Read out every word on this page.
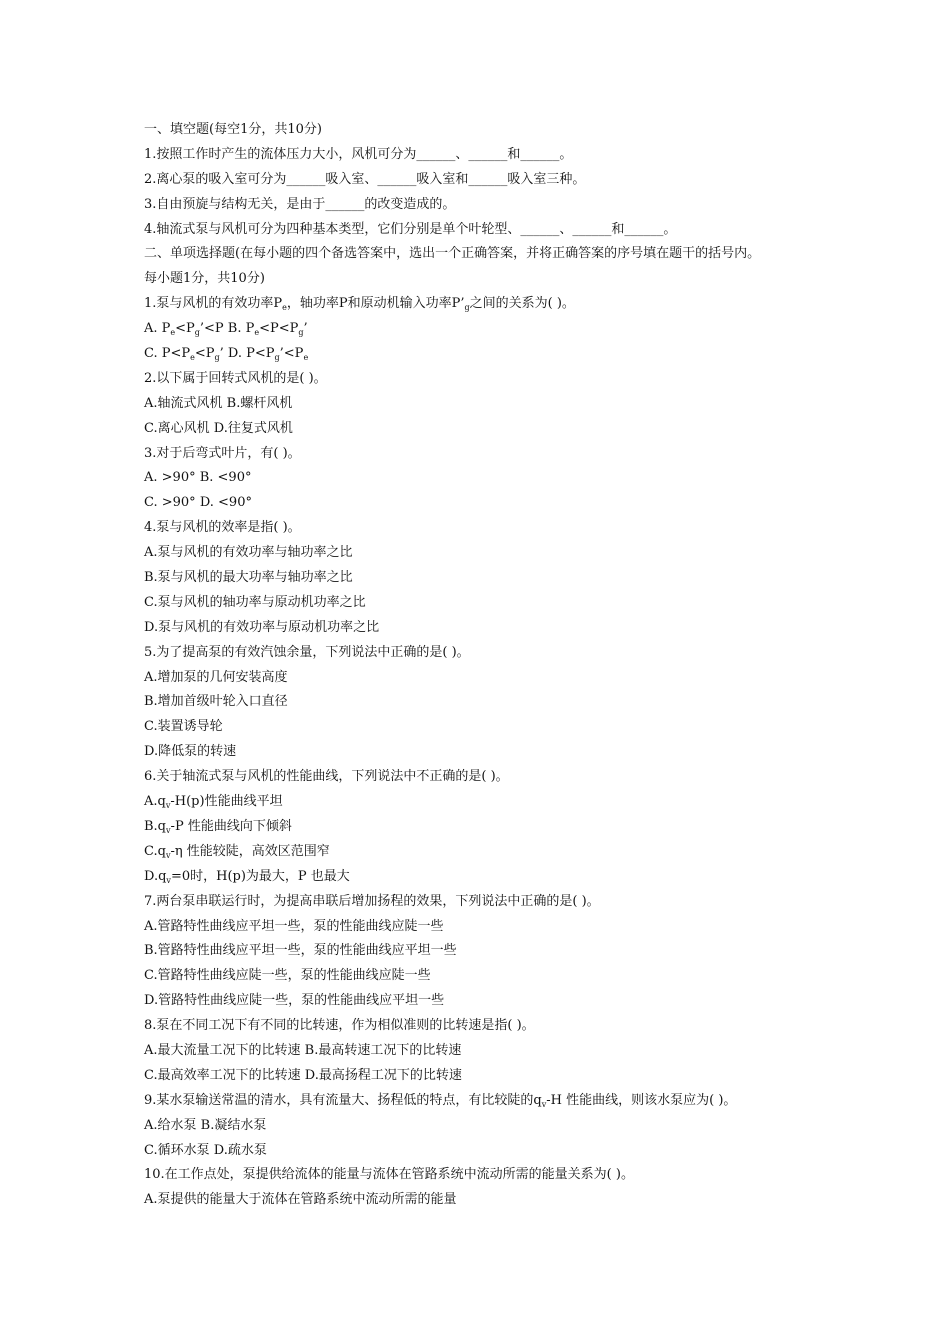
一、填空题(每空1分，共10分)
1.按照工作时产生的流体压力大小，风机可分为______、______和______。
2.离心泵的吸入室可分为______吸入室、______吸入室和______吸入室三种。
3.自由预旋与结构无关，是由于______的改变造成的。
4.轴流式泵与风机可分为四种基本类型，它们分别是单个叶轮型、______、______和______。
二、单项选择题(在每小题的四个备选答案中，选出一个正确答案，并将正确答案的序号填在题干的括号内。
每小题1分，共10分)
1.泵与风机的有效功率$P_e$，轴功率P和原动机输入功率$P’_g$之间的关系为( )。
A. $P_e<P_g’<P$ B. $P_e<P<P_g$’
C. $P<P_e<P_g$’ D. $P<P_g’<P_e$
2.以下属于回转式风机的是( )。
A.轴流式风机 B.螺杆风机
C.离心风机 D.往复式风机
3.对于后弯式叶片，有( )。
A. >90° B. <90°
C. >90° D. <90°
4.泵与风机的效率是指( )。
A.泵与风机的有效功率与轴功率之比
B.泵与风机的最大功率与轴功率之比
C.泵与风机的轴功率与原动机功率之比
D.泵与风机的有效功率与原动机功率之比
5.为了提高泵的有效汽蚀余量，下列说法中正确的是( )。
A.增加泵的几何安装高度
B.增加首级叶轮入口直径
C.装置诱导轮
D.降低泵的转速
6.关于轴流式泵与风机的性能曲线，下列说法中不正确的是( )。
$A.q_v-H(p)$性能曲线平坦
$B.q_v-P$ 性能曲线向下倾斜
$C.q_v-\eta$ 性能较陡，高效区范围窄
$D.q_v=0$时，H(p)为最大，P 也最大
7.两台泵串联运行时，为提高串联后增加扬程的效果，下列说法中正确的是( )。
A.管路特性曲线应平坦一些，泵的性能曲线应陡一些
B.管路特性曲线应平坦一些，泵的性能曲线应平坦一些
C.管路特性曲线应陡一些，泵的性能曲线应陡一些
D.管路特性曲线应陡一些，泵的性能曲线应平坦一些
8.泵在不同工况下有不同的比转速，作为相似准则的比转速是指( )。
A.最大流量工况下的比转速 B.最高转速工况下的比转速
C.最高效率工况下的比转速 D.最高扬程工况下的比转速
9.某水泵输送常温的清水，具有流量大、扬程低的特点，有比较陡的$q_v-H$ 性能曲线，则该水泵应为( )。
A.给水泵 B.凝结水泵
C.循环水泵 D.疏水泵
10.在工作点处，泵提供给流体的能量与流体在管路系统中流动所需的能量关系为( )。
A.泵提供的能量大于流体在管路系统中流动所需的能量
